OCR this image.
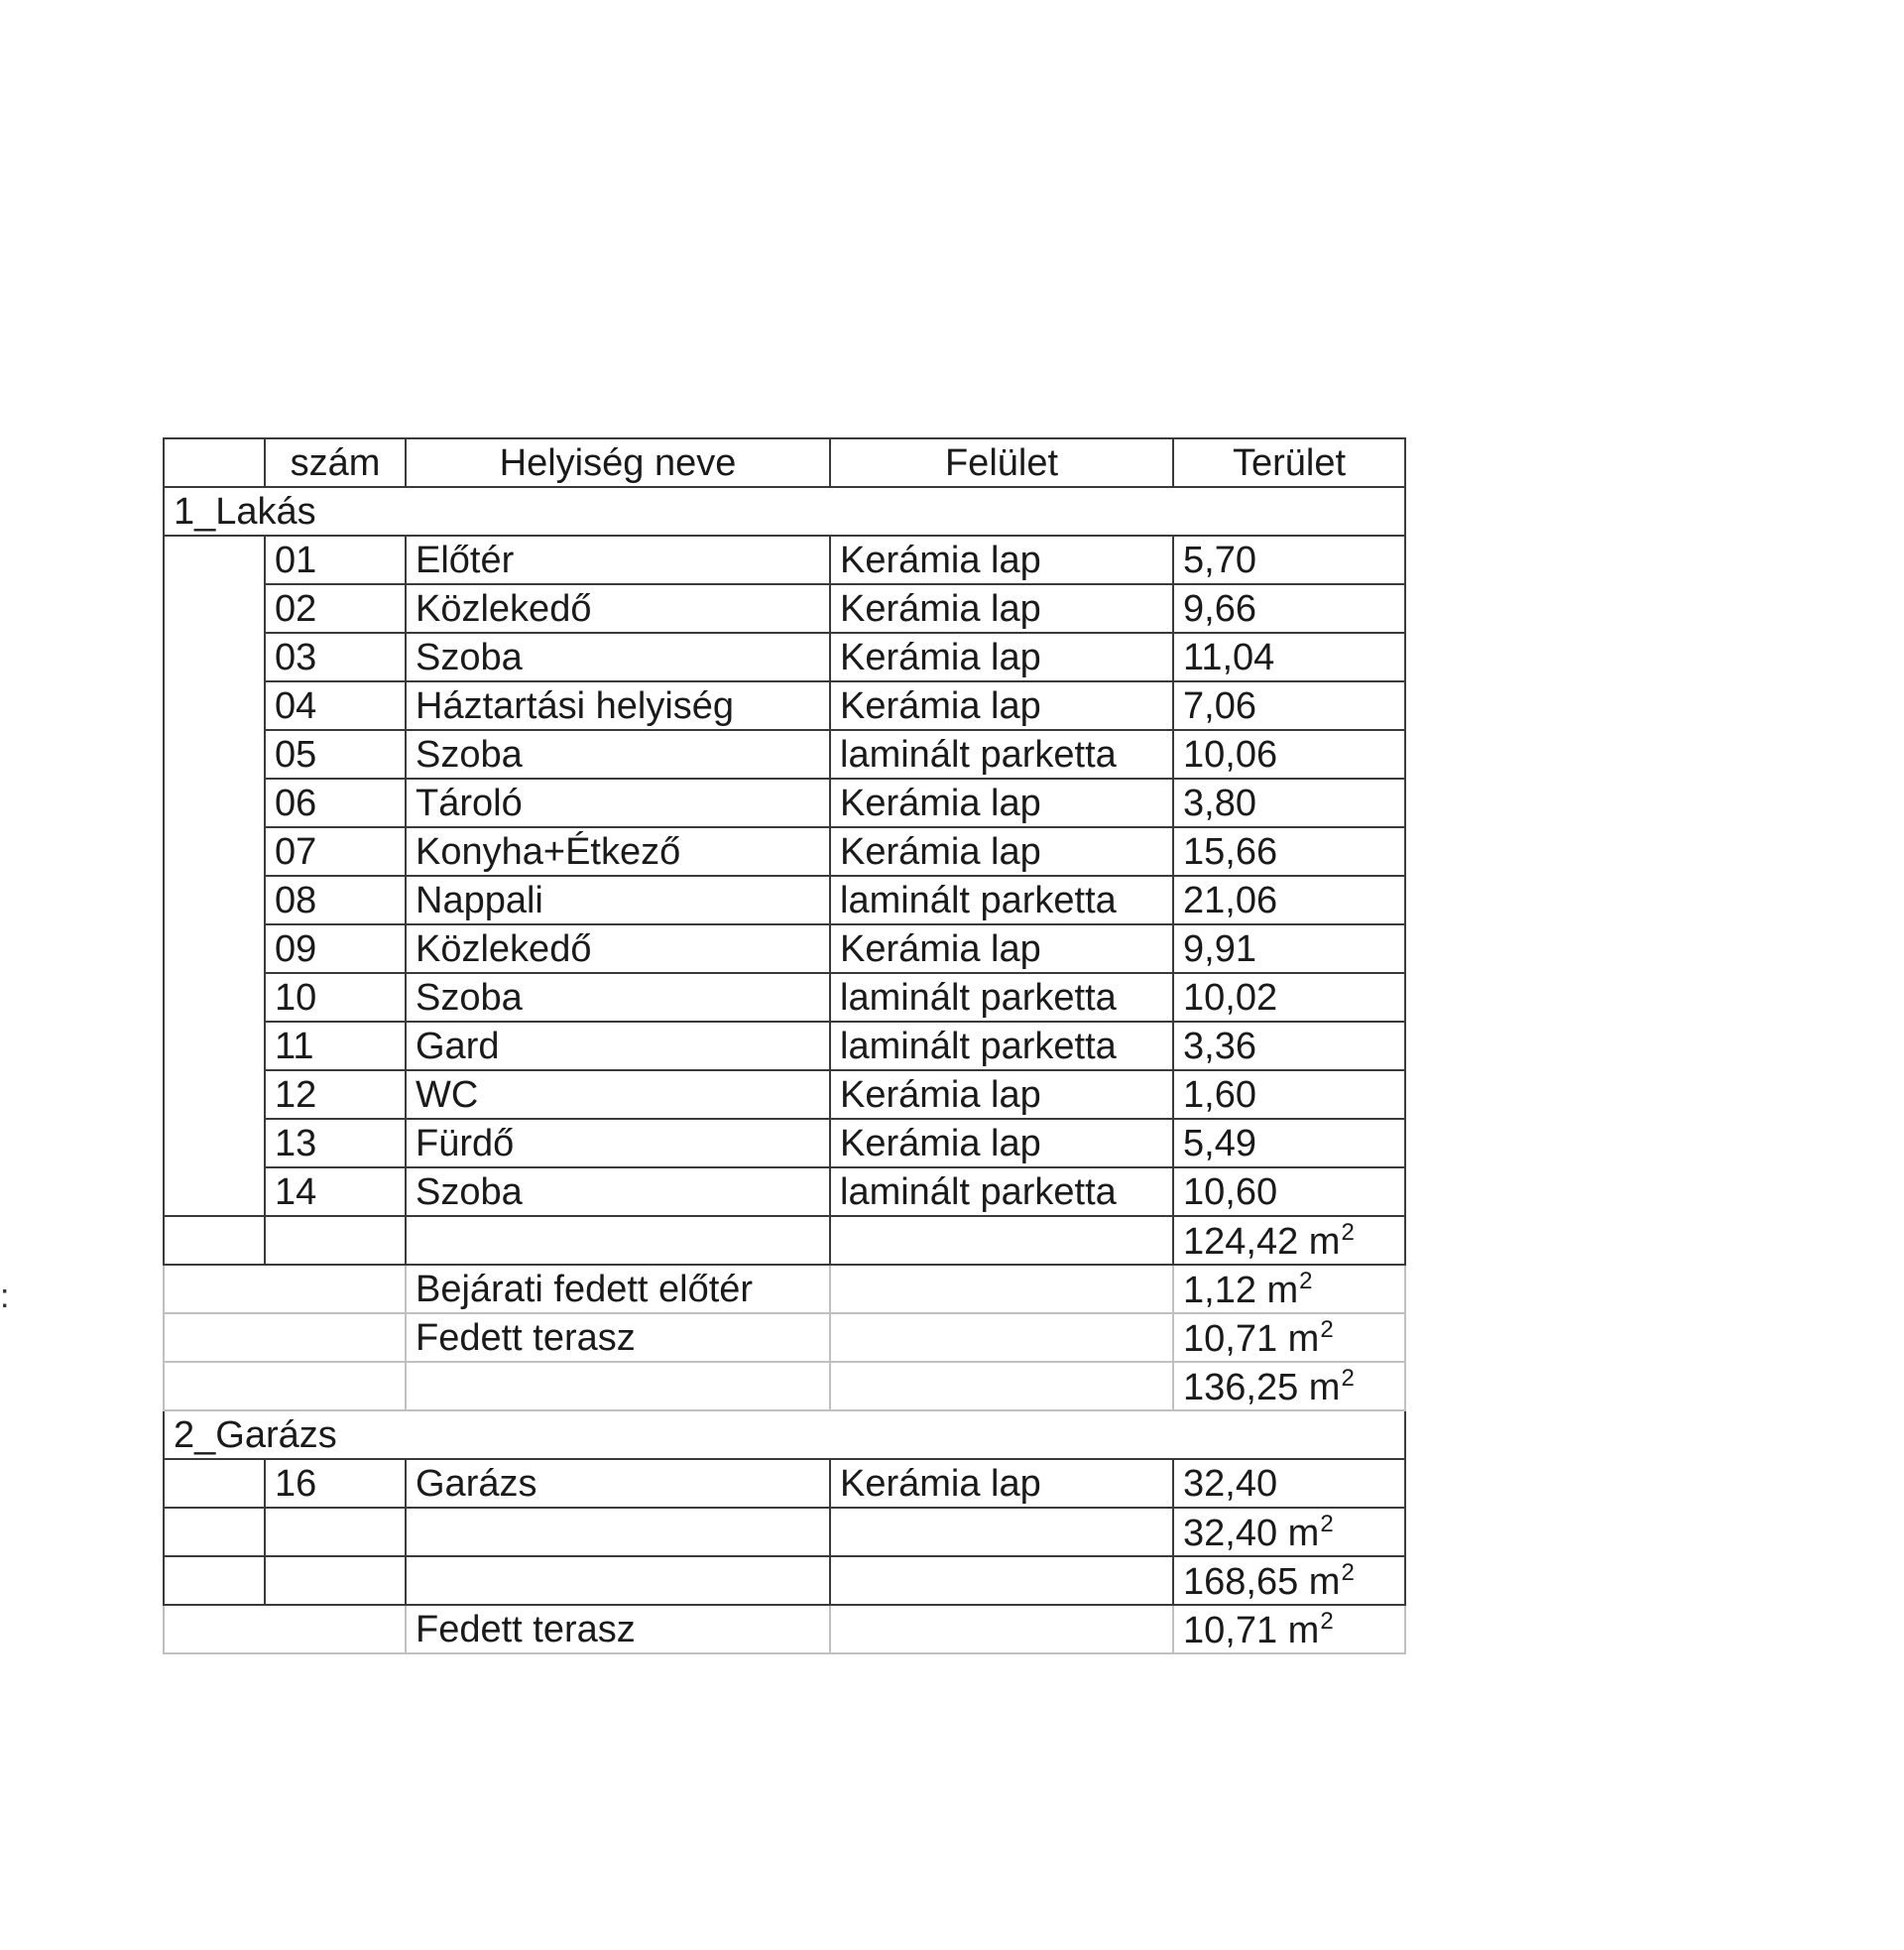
:
	szám	Helyiség neve	Felület	Terület
1_Lakás				
	01	Előtér	Kerámia lap	5,70
	02	Közlekedő	Kerámia lap	9,66
	03	Szoba	Kerámia lap	11,04
	04	Háztartási helyiség	Kerámia lap	7,06
	05	Szoba	laminált parketta	10,06
	06	Tároló	Kerámia lap	3,80
	07	Konyha+Étkező	Kerámia lap	15,66
	08	Nappali	laminált parketta	21,06
	09	Közlekedő	Kerámia lap	9,91
	10	Szoba	laminált parketta	10,02
	11	Gard	laminált parketta	3,36
	12	WC	Kerámia lap	1,60
	13	Fürdő	Kerámia lap	5,49
	14	Szoba	laminált parketta	10,60
				124,42 $m^2$
		Bejárati fedett előtér		1,12 $m^2$
		Fedett terasz		10,71 $m^2$
				136,25 $m^2$
2_Garázs				
	16	Garázs	Kerámia lap	32,40
				32,40 $m^2$
				168,65 $m^2$
		Fedett terasz		10,71 $m^2$
